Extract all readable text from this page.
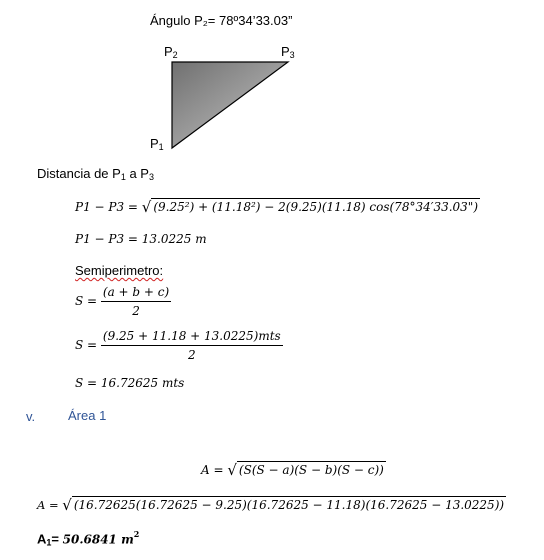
Ángulo P₂= 78º34’33.03”
$P_2$	$P_3$
$P_1$
Distancia de $P_1$ a $P_3$
P1 − P3 = √ (9.25²) + (11.18²) − 2(9.25)(11.18) cos(78°34′33.03")
P1 − P3 = 13.0225 m
Semiperimetro:
$S = \frac{(a + b + c)}{2}$
$S = \frac{\text{(9.25 + 11.18 + 13.0225)mts}}{2}$
S = 16.72625 mts
v.	Área 1
A = √ (S(S − a)(S − b)(S − c))
A = √ (16.72625(16.72625 − 9.25)(16.72625 − 11.18)(16.72625 − 13.0225))
$A_1= 50.6841$ $m^2$
